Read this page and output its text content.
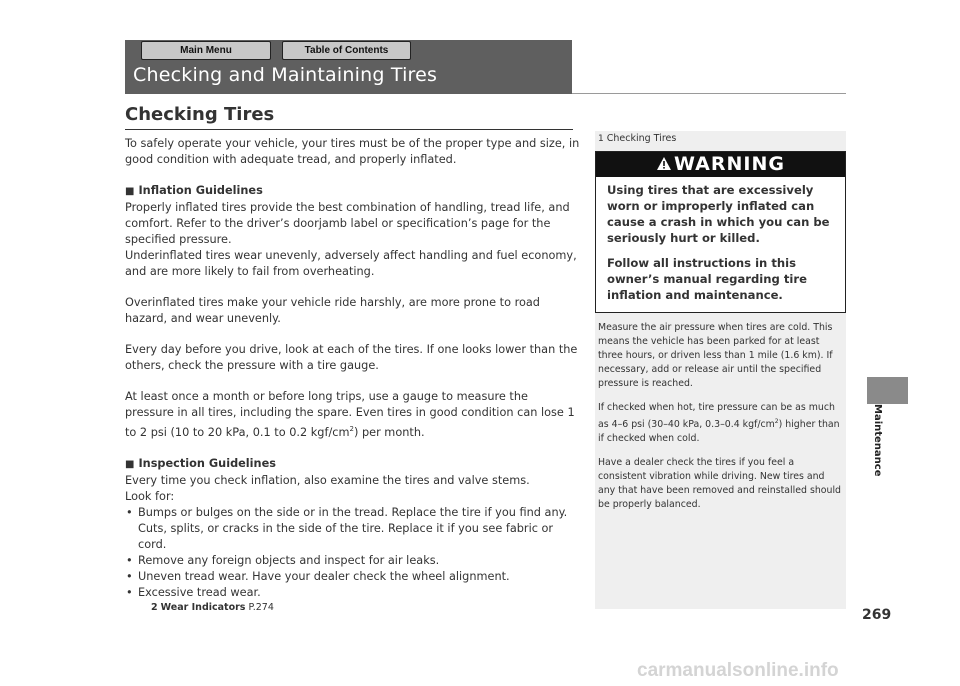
Main Menu	Table of Contents
Checking and Maintaining Tires
Checking Tires

To safely operate your vehicle, your tires must be of the proper type and size, in good condition with adequate tread, and properly inflated.

■ Inflation Guidelines

Properly inflated tires provide the best combination of handling, tread life, and comfort. Refer to the driver’s doorjamb label or specification’s page for the specified pressure.

Underinflated tires wear unevenly, adversely affect handling and fuel economy, and are more likely to fail from overheating.

Overinflated tires make your vehicle ride harshly, are more prone to road hazard, and wear unevenly.

Every day before you drive, look at each of the tires. If one looks lower than the others, check the pressure with a tire gauge.

At least once a month or before long trips, use a gauge to measure the pressure in all tires, including the spare. Even tires in good condition can lose 1 to 2 psi (10 to 20 kPa, 0.1 to 0.2 kgf/$cm^2$) per month.

■ Inspection Guidelines

Every time you check inflation, also examine the tires and valve stems.

Look for:

• Bumps or bulges on the side or in the tread. Replace the tire if you find any. Cuts, splits, or cracks in the side of the tire. Replace it if you see fabric or cord.
• Remove any foreign objects and inspect for air leaks.
• Uneven tread wear. Have your dealer check the wheel alignment.
• Excessive tread wear.
2 Wear Indicators P.274
1 Checking Tires
WARNING

Using tires that are excessively worn or improperly inflated can cause a crash in which you can be seriously hurt or killed.

Follow all instructions in this owner’s manual regarding tire inflation and maintenance.

Measure the air pressure when tires are cold. This means the vehicle has been parked for at least three hours, or driven less than 1 mile (1.6 km). If necessary, add or release air until the specified pressure is reached.

If checked when hot, tire pressure can be as much as 4–6 psi (30–40 kPa, 0.3–0.4 kgf/$cm^2$) higher than if checked when cold.

Have a dealer check the tires if you feel a consistent vibration while driving. New tires and any that have been removed and reinstalled should be properly balanced.

Maintenance
269
carmanualsonline.info
